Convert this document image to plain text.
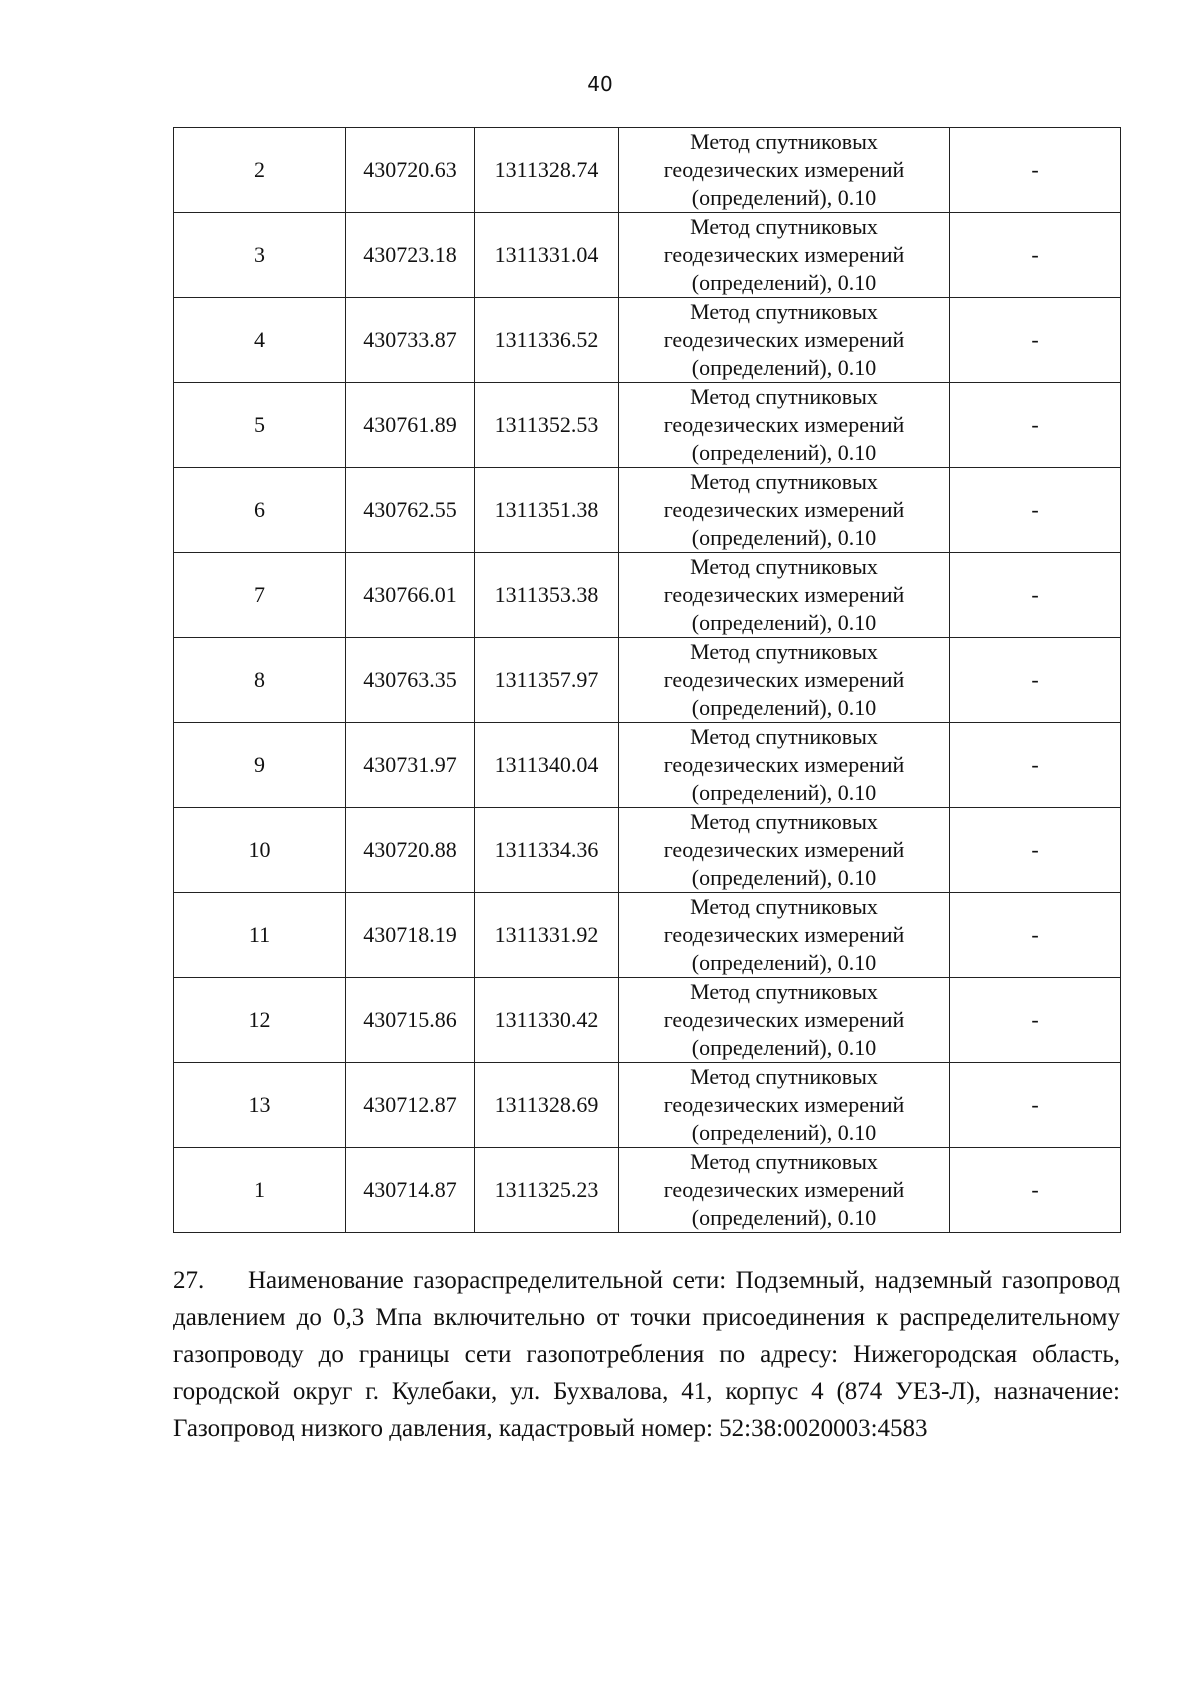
40
2	430720.63	1311328.74	Метод спутниковых
геодезических измерений
(определений), 0.10	-
3	430723.18	1311331.04	Метод спутниковых
геодезических измерений
(определений), 0.10	-
4	430733.87	1311336.52	Метод спутниковых
геодезических измерений
(определений), 0.10	-
5	430761.89	1311352.53	Метод спутниковых
геодезических измерений
(определений), 0.10	-
6	430762.55	1311351.38	Метод спутниковых
геодезических измерений
(определений), 0.10	-
7	430766.01	1311353.38	Метод спутниковых
геодезических измерений
(определений), 0.10	-
8	430763.35	1311357.97	Метод спутниковых
геодезических измерений
(определений), 0.10	-
9	430731.97	1311340.04	Метод спутниковых
геодезических измерений
(определений), 0.10	-
10	430720.88	1311334.36	Метод спутниковых
геодезических измерений
(определений), 0.10	-
11	430718.19	1311331.92	Метод спутниковых
геодезических измерений
(определений), 0.10	-
12	430715.86	1311330.42	Метод спутниковых
геодезических измерений
(определений), 0.10	-
13	430712.87	1311328.69	Метод спутниковых
геодезических измерений
(определений), 0.10	-
1	430714.87	1311325.23	Метод спутниковых
геодезических измерений
(определений), 0.10	-
27. Наименование газораспределительной сети: Подземный, надземный газопровод давлением до 0,3 Мпа включительно от точки присоединения к распределительному газопроводу до границы сети газопотребления по адресу: Нижегородская область, городской округ г. Кулебаки, ул. Бухвалова, 41, корпус 4 (874 УЕЗ-Л), назначение: Газопровод низкого давления, кадастровый номер: 52:38:0020003:4583
